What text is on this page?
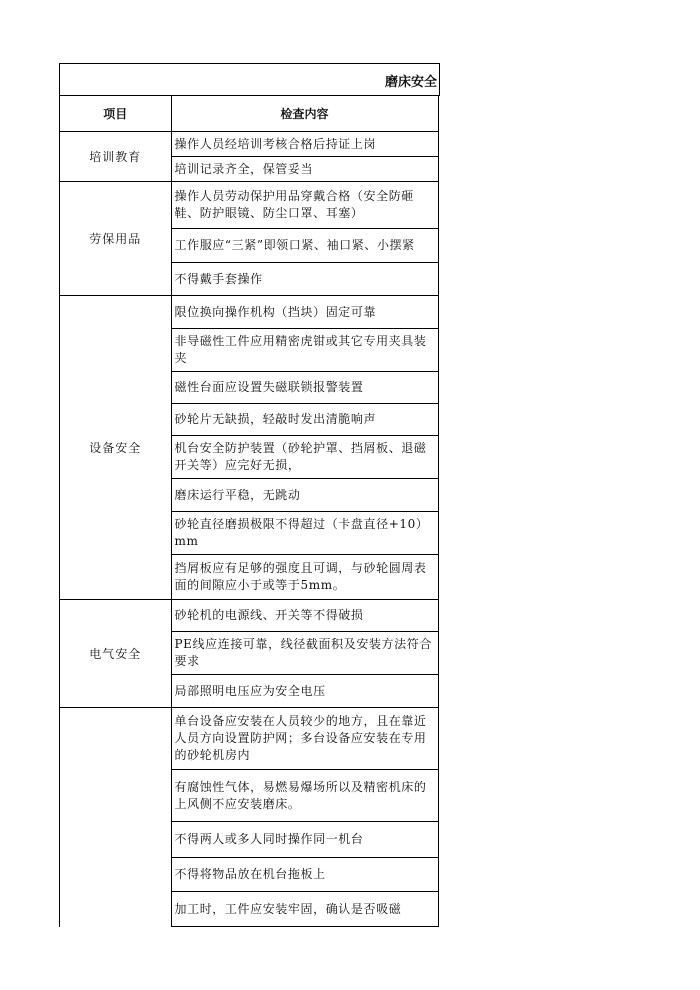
磨床安全
项目	检查内容
培训教育	操作人员经培训考核合格后持证上岗
	培训记录齐全，保管妥当
劳保用品	操作人员劳动保护用品穿戴合格（安全防砸鞋、防护眼镜、防尘口罩、耳塞）
	工作服应“三紧”即领口紧、袖口紧、小摆紧
	不得戴手套操作
设备安全	限位换向操作机构（挡块）固定可靠
	非导磁性工件应用精密虎钳或其它专用夹具装夹
	磁性台面应设置失磁联锁报警装置
	砂轮片无缺损，轻敲时发出清脆响声
	机台安全防护装置（砂轮护罩、挡屑板、退磁开关等）应完好无损，
	磨床运行平稳，无跳动
	砂轮直径磨损极限不得超过（卡盘直径+10）mm
	挡屑板应有足够的强度且可调，与砂轮圆周表面的间隙应小于或等于5mm。
电气安全	砂轮机的电源线、开关等不得破损
	PE线应连接可靠，线径截面积及安装方法符合要求
	局部照明电压应为安全电压
	单台设备应安装在人员较少的地方，且在靠近人员方向设置防护网；多台设备应安装在专用的砂轮机房内
	有腐蚀性气体，易燃易爆场所以及精密机床的上风侧不应安装磨床。
	不得两人或多人同时操作同一机台
	不得将物品放在机台拖板上
	加工时，工件应安装牢固，确认是否吸磁
